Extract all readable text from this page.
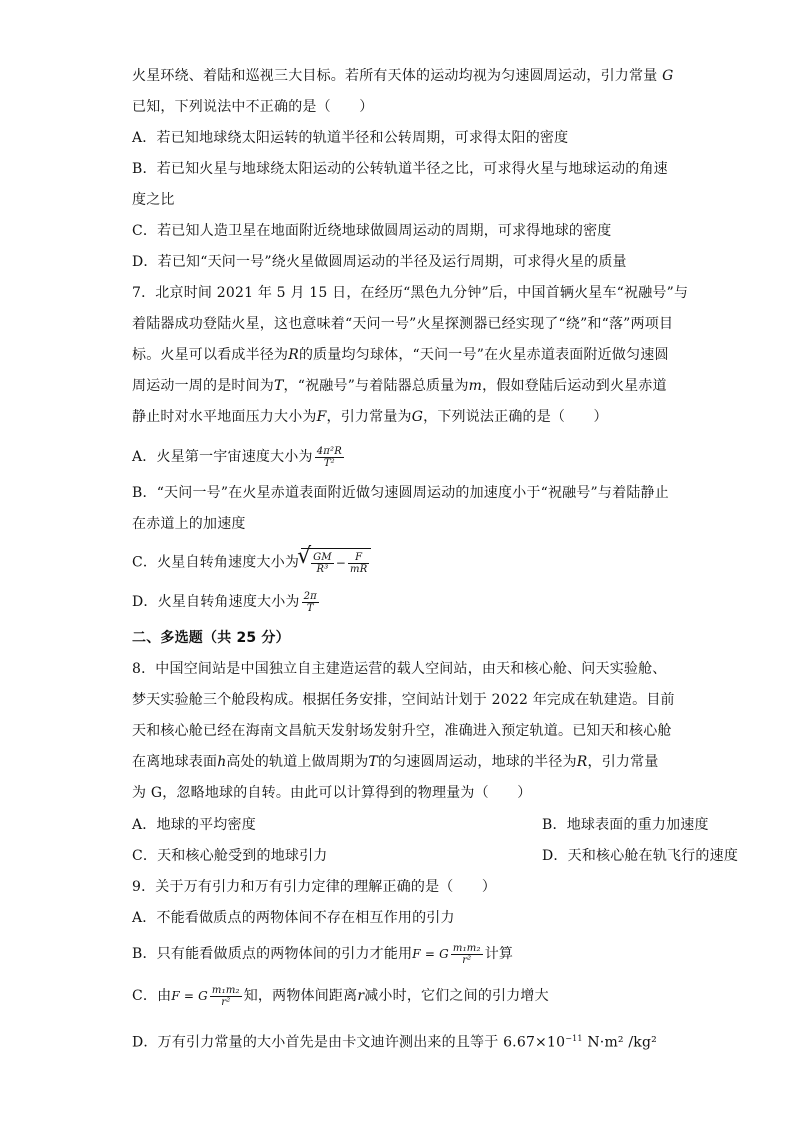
火星环绕、着陆和巡视三大目标。若所有天体的运动均视为匀速圆周运动，引力常量 G
已知，下列说法中不正确的是（　　）
A．若已知地球绕太阳运转的轨道半径和公转周期，可求得太阳的密度
B．若已知火星与地球绕太阳运动的公转轨道半径之比，可求得火星与地球运动的角速
度之比
C．若已知人造卫星在地面附近绕地球做圆周运动的周期，可求得地球的密度
D．若已知“天问一号”绕火星做圆周运动的半径及运行周期，可求得火星的质量
7．北京时间 2021 年 5 月 15 日，在经历“黑色九分钟”后，中国首辆火星车“祝融号”与
着陆器成功登陆火星，这也意味着“天问一号”火星探测器已经实现了“绕”和“落”两项目
标。火星可以看成半径为R的质量均匀球体，“天问一号”在火星赤道表面附近做匀速圆
周运动一周的是时间为T，“祝融号”与着陆器总质量为m，假如登陆后运动到火星赤道
静止时对水平地面压力大小为F，引力常量为G，下列说法正确的是（　　）
A．火星第一宇宙速度大小为 $\frac{\text{4π²R}}{\text{T²}}$
B．“天问一号”在火星赤道表面附近做匀速圆周运动的加速度小于“祝融号”与着陆静止
在赤道上的加速度
C．火星自转角速度大小为
√ $\frac{GM}{\text{R³}} - \frac{F}{mR}$
D．火星自转角速度大小为 $\frac{2\pi}{T}$
二、多选题（共 25 分）
8．中国空间站是中国独立自主建造运营的载人空间站，由天和核心舱、问天实验舱、
梦天实验舱三个舱段构成。根据任务安排，空间站计划于 2022 年完成在轨建造。目前
天和核心舱已经在海南文昌航天发射场发射升空，准确进入预定轨道。已知天和核心舱
在离地球表面h高处的轨道上做周期为T的匀速圆周运动，地球的半径为R，引力常量
为 G，忽略地球的自转。由此可以计算得到的物理量为（　　）
A．地球的平均密度	B．地球表面的重力加速度
C．天和核心舱受到的地球引力	D．天和核心舱在轨飞行的速度
9．关于万有引力和万有引力定律的理解正确的是（　　）
A．不能看做质点的两物体间不存在相互作用的引力
B．只有能看做质点的两物体间的引力才能用F = G $\frac{\text{m₁m₂}}{\text{r²}}$ 计算
C．由F = G $\frac{\text{m₁m₂}}{\text{r²}}$ 知，两物体间距离r减小时，它们之间的引力增大
D．万有引力常量的大小首先是由卡文迪许测出来的且等于 $6.67\times 10^{-11}$ N·m² /kg²
